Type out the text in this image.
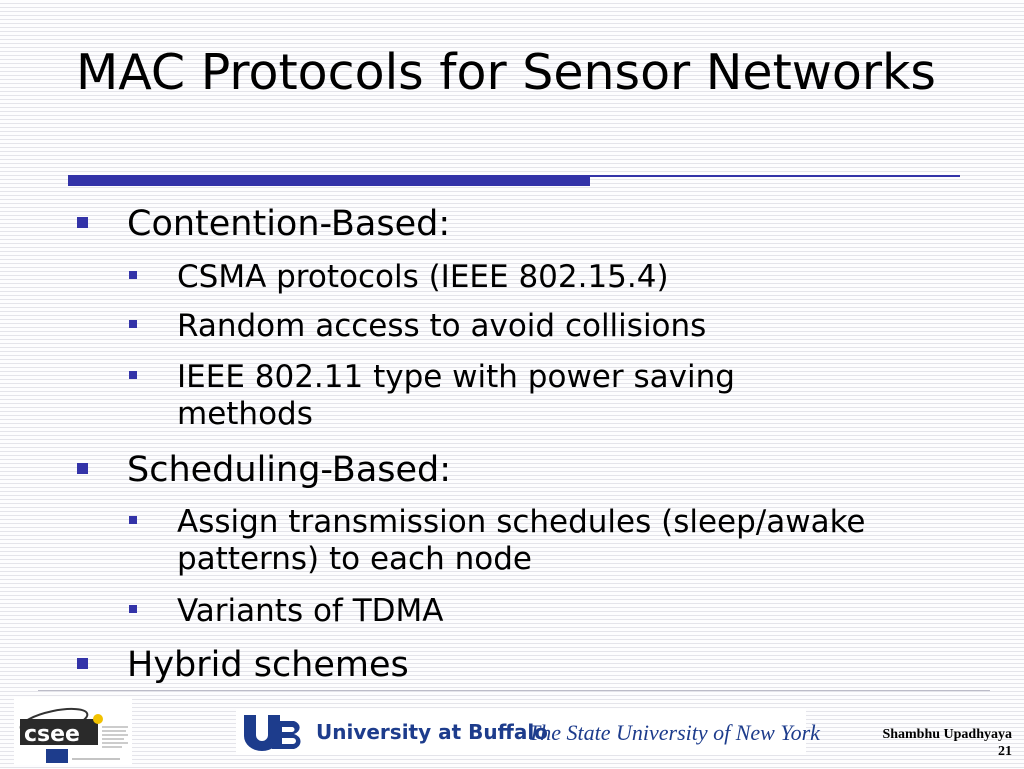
MAC Protocols for Sensor Networks
Contention-Based:
CSMA protocols (IEEE 802.15.4)
Random access to avoid collisions
IEEE 802.11 type with power saving methods
Scheduling-Based:
Assign transmission schedules (sleep/awake patterns) to each node
Variants of TDMA
Hybrid schemes
csee	University at Buffalo
The State University of New York	Shambhu Upadhyaya
21
